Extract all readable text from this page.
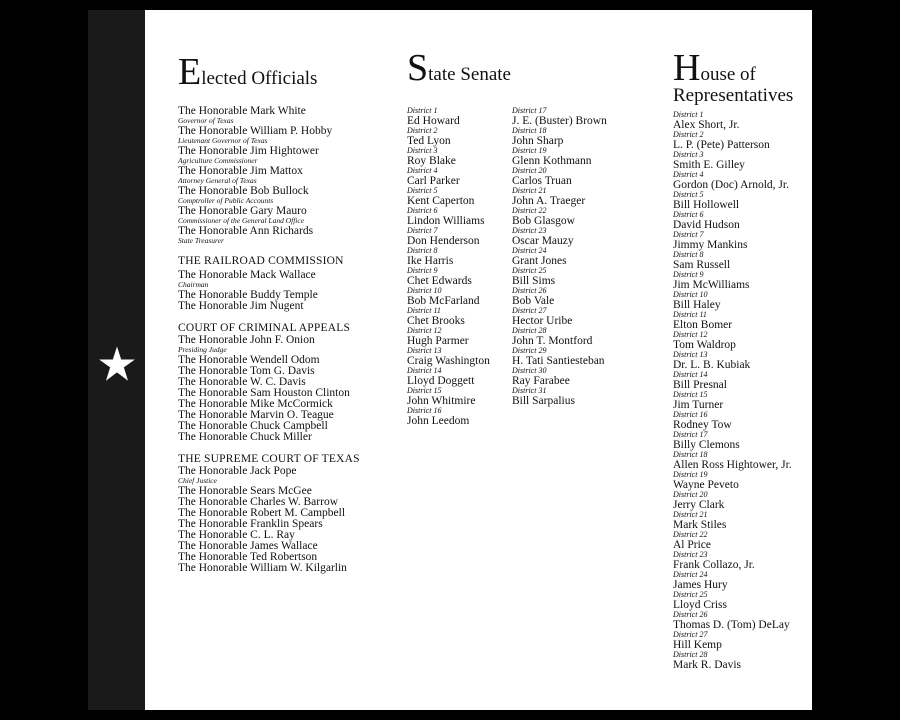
Elected Officials
The Honorable Mark White
Governor of Texas
The Honorable William P. Hobby
Lieutenant Governor of Texas
The Honorable Jim Hightower
Agriculture Commissioner
The Honorable Jim Mattox
Attorney General of Texas
The Honorable Bob Bullock
Comptroller of Public Accounts
The Honorable Gary Mauro
Commissioner of the General Land Office
The Honorable Ann Richards
State Treasurer
THE RAILROAD COMMISSION
The Honorable Mack Wallace
Chairman
The Honorable Buddy Temple
The Honorable Jim Nugent
COURT OF CRIMINAL APPEALS
The Honorable John F. Onion
Presiding Judge
The Honorable Wendell Odom
The Honorable Tom G. Davis
The Honorable W. C. Davis
The Honorable Sam Houston Clinton
The Honorable Mike McCormick
The Honorable Marvin O. Teague
The Honorable Chuck Campbell
The Honorable Chuck Miller
THE SUPREME COURT OF TEXAS
The Honorable Jack Pope
Chief Justice
The Honorable Sears McGee
The Honorable Charles W. Barrow
The Honorable Robert M. Campbell
The Honorable Franklin Spears
The Honorable C. L. Ray
The Honorable James Wallace
The Honorable Ted Robertson
The Honorable William W. Kilgarlin
State Senate
District 1
Ed Howard
District 2
Ted Lyon
District 3
Roy Blake
District 4
Carl Parker
District 5
Kent Caperton
District 6
Lindon Williams
District 7
Don Henderson
District 8
Ike Harris
District 9
Chet Edwards
District 10
Bob McFarland
District 11
Chet Brooks
District 12
Hugh Parmer
District 13
Craig Washington
District 14
Lloyd Doggett
District 15
John Whitmire
District 16
John Leedom
District 17
J. E. (Buster) Brown
District 18
John Sharp
District 19
Glenn Kothmann
District 20
Carlos Truan
District 21
John A. Traeger
District 22
Bob Glasgow
District 23
Oscar Mauzy
District 24
Grant Jones
District 25
Bill Sims
District 26
Bob Vale
District 27
Hector Uribe
District 28
John T. Montford
District 29
H. Tati Santiesteban
District 30
Ray Farabee
District 31
Bill Sarpalius
House of
Representatives
District 1
Alex Short, Jr.
District 2
L. P. (Pete) Patterson
District 3
Smith E. Gilley
District 4
Gordon (Doc) Arnold, Jr.
District 5
Bill Hollowell
District 6
David Hudson
District 7
Jimmy Mankins
District 8
Sam Russell
District 9
Jim McWilliams
District 10
Bill Haley
District 11
Elton Bomer
District 12
Tom Waldrop
District 13
Dr. L. B. Kubiak
District 14
Bill Presnal
District 15
Jim Turner
District 16
Rodney Tow
District 17
Billy Clemons
District 18
Allen Ross Hightower, Jr.
District 19
Wayne Peveto
District 20
Jerry Clark
District 21
Mark Stiles
District 22
Al Price
District 23
Frank Collazo, Jr.
District 24
James Hury
District 25
Lloyd Criss
District 26
Thomas D. (Tom) DeLay
District 27
Hill Kemp
District 28
Mark R. Davis
